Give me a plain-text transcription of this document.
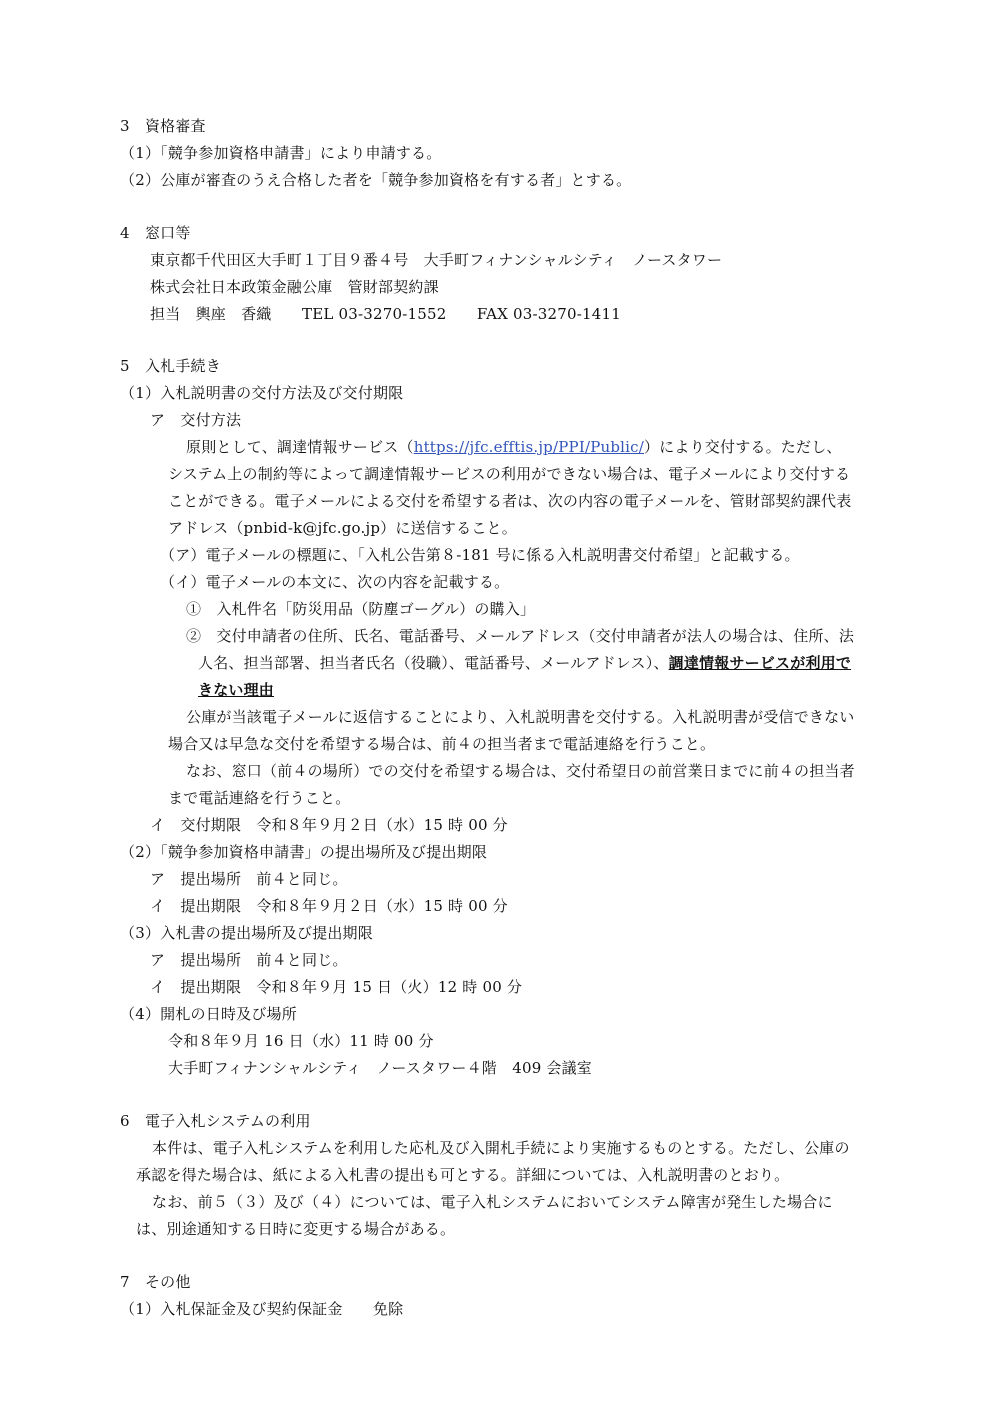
3　資格審査
（1）「競争参加資格申請書」により申請する。
（2）公庫が審査のうえ合格した者を「競争参加資格を有する者」とする。
4　窓口等
東京都千代田区大手町１丁目９番４号　大手町フィナンシャルシティ　ノースタワー
株式会社日本政策金融公庫　管財部契約課
担当　輿座　香織　　TEL 03-3270-1552　　FAX 03-3270-1411
5　入札手続き
（1）入札説明書の交付方法及び交付期限
ア　交付方法
原則として、調達情報サービス（https://jfc.efftis.jp/PPI/Public/）により交付する。ただし、
システム上の制約等によって調達情報サービスの利用ができない場合は、電子メールにより交付する
ことができる。電子メールによる交付を希望する者は、次の内容の電子メールを、管財部契約課代表
アドレス（pnbid-k@jfc.go.jp）に送信すること。
（ア）電子メールの標題に、「入札公告第８-181 号に係る入札説明書交付希望」と記載する。
（イ）電子メールの本文に、次の内容を記載する。
①　入札件名「防災用品（防塵ゴーグル）の購入」
②　交付申請者の住所、氏名、電話番号、メールアドレス（交付申請者が法人の場合は、住所、法
人名、担当部署、担当者氏名（役職）、電話番号、メールアドレス）、調達情報サービスが利用で
きない理由
公庫が当該電子メールに返信することにより、入札説明書を交付する。入札説明書が受信できない
場合又は早急な交付を希望する場合は、前４の担当者まで電話連絡を行うこと。
なお、窓口（前４の場所）での交付を希望する場合は、交付希望日の前営業日までに前４の担当者
まで電話連絡を行うこと。
イ　交付期限　令和８年９月２日（水）15 時 00 分
（2）「競争参加資格申請書」の提出場所及び提出期限
ア　提出場所　前４と同じ。
イ　提出期限　令和８年９月２日（水）15 時 00 分
（3）入札書の提出場所及び提出期限
ア　提出場所　前４と同じ。
イ　提出期限　令和８年９月 15 日（火）12 時 00 分
（4）開札の日時及び場所
令和８年９月 16 日（水）11 時 00 分
大手町フィナンシャルシティ　ノースタワー４階　409 会議室
6　電子入札システムの利用
本件は、電子入札システムを利用した応札及び入開札手続により実施するものとする。ただし、公庫の
承認を得た場合は、紙による入札書の提出も可とする。詳細については、入札説明書のとおり。
なお、前５（３）及び（４）については、電子入札システムにおいてシステム障害が発生した場合に
は、別途通知する日時に変更する場合がある。
7　その他
（1）入札保証金及び契約保証金　　免除
